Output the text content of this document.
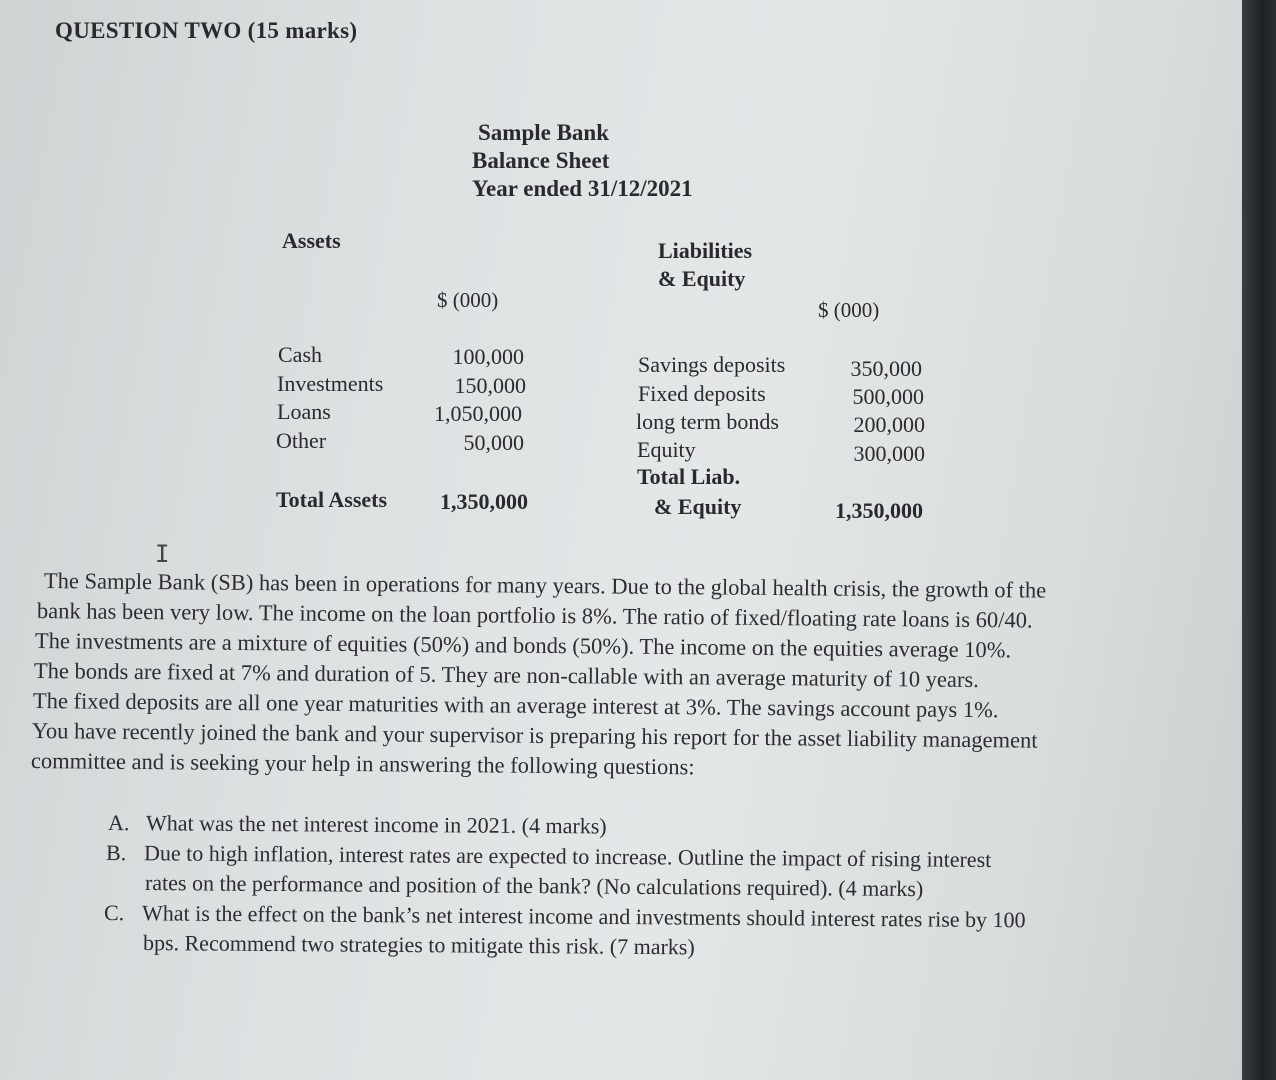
QUESTION TWO (15 marks)
Sample Bank
Balance Sheet
Year ended 31/12/2021
Assets	Liabilities
& Equity
$ (000)	$ (000)
Cash	100,000
Investments	150,000
Loans	1,050,000
Other	50,000
Savings deposits	350,000
Fixed deposits	500,000
long term bonds	200,000
Equity	300,000
Total Assets 1,350,000
Total Liab.
& Equity	1,350,000
I
The Sample Bank (SB) has been in operations for many years. Due to the global health crisis, the growth of the
bank has been very low. The income on the loan portfolio is 8%. The ratio of fixed/floating rate loans is 60/40.
The investments are a mixture of equities (50%) and bonds (50%). The income on the equities average 10%.
The bonds are fixed at 7% and duration of 5. They are non-callable with an average maturity of 10 years.
The fixed deposits are all one year maturities with an average interest at 3%. The savings account pays 1%.
You have recently joined the bank and your supervisor is preparing his report for the asset liability management
committee and is seeking your help in answering the following questions:
A. What was the net interest income in 2021. (4 marks)
B. Due to high inflation, interest rates are expected to increase. Outline the impact of rising interest
rates on the performance and position of the bank? (No calculations required). (4 marks)
C. What is the effect on the bank’s net interest income and investments should interest rates rise by 100
bps. Recommend two strategies to mitigate this risk. (7 marks)
